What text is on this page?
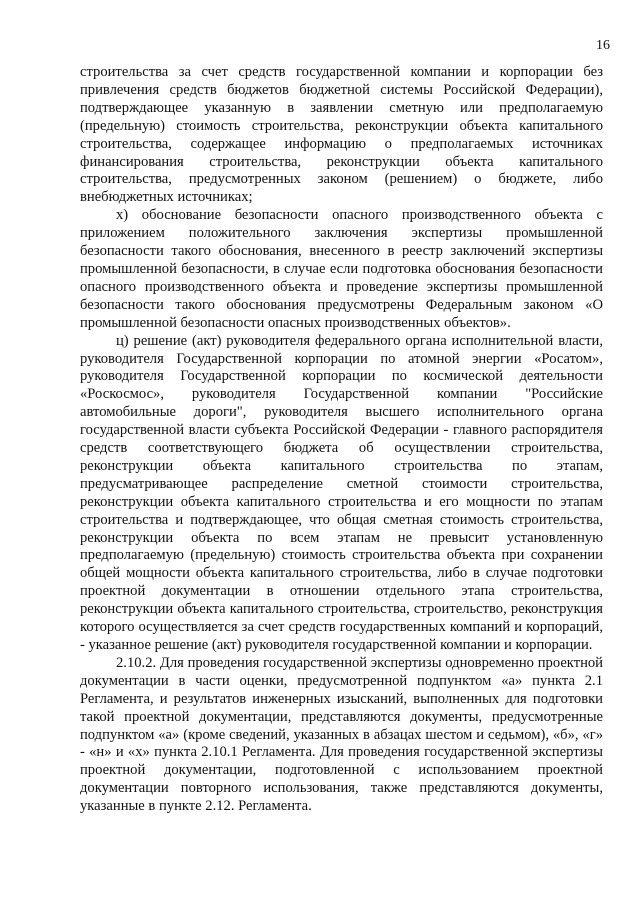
16

строительства за счет средств государственной компании и корпорации без привлечения средств бюджетов бюджетной системы Российской Федерации), подтверждающее указанную в заявлении сметную или предполагаемую (предельную) стоимость строительства, реконструкции объекта капитального строительства, содержащее информацию о предполагаемых источниках финансирования строительства, реконструкции объекта капитального строительства, предусмотренных законом (решением) о бюджете, либо внебюджетных источниках;

х) обоснование безопасности опасного производственного объекта с приложением положительного заключения экспертизы промышленной безопасности такого обоснования, внесенного в реестр заключений экспертизы промышленной безопасности, в случае если подготовка обоснования безопасности опасного производственного объекта и проведение экспертизы промышленной безопасности такого обоснования предусмотрены Федеральным законом «О промышленной безопасности опасных производственных объектов».

ц) решение (акт) руководителя федерального органа исполнительной власти, руководителя Государственной корпорации по атомной энергии «Росатом», руководителя Государственной корпорации по космической деятельности «Роскосмос», руководителя Государственной компании "Российские автомобильные дороги", руководителя высшего исполнительного органа государственной власти субъекта Российской Федерации - главного распорядителя средств соответствующего бюджета об осуществлении строительства, реконструкции объекта капитального строительства по этапам, предусматривающее распределение сметной стоимости строительства, реконструкции объекта капитального строительства и его мощности по этапам строительства и подтверждающее, что общая сметная стоимость строительства, реконструкции объекта по всем этапам не превысит установленную предполагаемую (предельную) стоимость строительства объекта при сохранении общей мощности объекта капитального строительства, либо в случае подготовки проектной документации в отношении отдельного этапа строительства, реконструкции объекта капитального строительства, строительство, реконструкция которого осуществляется за счет средств государственных компаний и корпораций, - указанное решение (акт) руководителя государственной компании и корпорации.

2.10.2. Для проведения государственной экспертизы одновременно проектной документации в части оценки, предусмотренной подпунктом «а» пункта 2.1 Регламента, и результатов инженерных изысканий, выполненных для подготовки такой проектной документации, представляются документы, предусмотренные подпунктом «а» (кроме сведений, указанных в абзацах шестом и седьмом), «б», «г» - «н» и «х» пункта 2.10.1 Регламента. Для проведения государственной экспертизы проектной документации, подготовленной с использованием проектной документации повторного использования, также представляются документы, указанные в пункте 2.12. Регламента.
